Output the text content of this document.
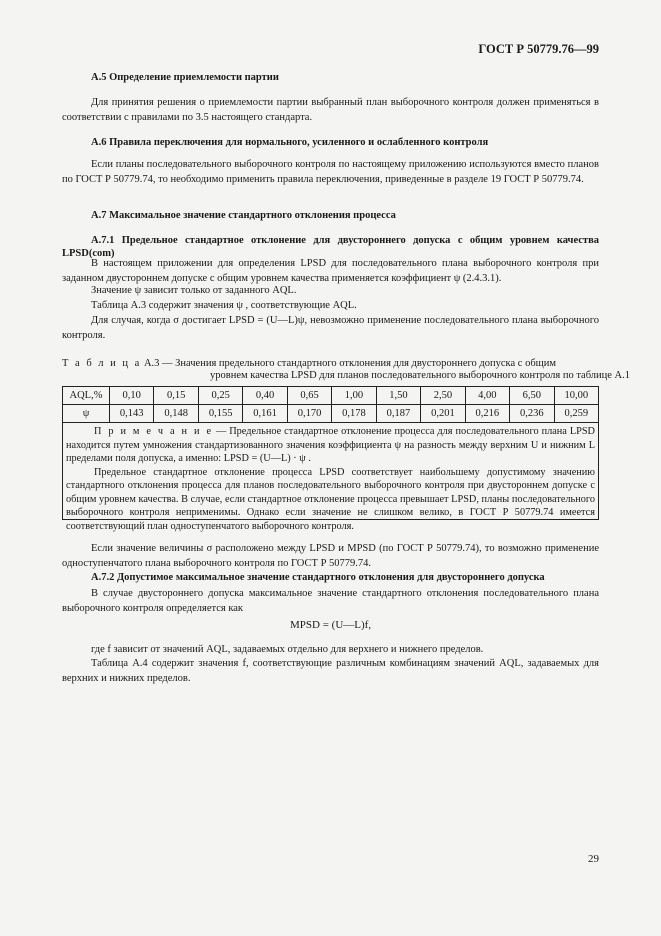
ГОСТ Р 50779.76—99
А.5 Определение приемлемости партии
Для принятия решения о приемлемости партии выбранный план выборочного контроля должен применяться в соответствии с правилами по 3.5 настоящего стандарта.
А.6 Правила переключения для нормального, усиленного и ослабленного контроля
Если планы последовательного выборочного контроля по настоящему приложению используются вместо планов по ГОСТ Р 50779.74, то необходимо применить правила переключения, приведенные в разделе 19 ГОСТ Р 50779.74.
А.7 Максимальное значение стандартного отклонения процесса
А.7.1 Предельное стандартное отклонение для двустороннего допуска с общим уровнем качества LPSD(com)
В настоящем приложении для определения LPSD для последовательного плана выборочного контроля при заданном двустороннем допуске с общим уровнем качества применяется коэффициент ψ (2.4.3.1).
Значение ψ зависит только от заданного AQL.
Таблица А.3 содержит значения ψ , соответствующие AQL.
Для случая, когда σ достигает LPSD = (U—L)ψ, невозможно применение последовательного плана выборочного контроля.
Т а б л и ц а А.3 — Значения предельного стандартного отклонения для двустороннего допуска с общим
уровнем качества LPSD для планов последовательного выборочного контроля по таблице А.1
AQL,%	0,10	0,15	0,25	0,40	0,65	1,00	1,50	2,50	4,00	6,50	10,00
ψ	0,143	0,148	0,155	0,161	0,170	0,178	0,187	0,201	0,216	0,236	0,259

П р и м е ч а н и е — Предельное стандартное отклонение процесса для последовательного плана LPSD находится путем умножения стандартизованного значения коэффициента ψ на разность между верхним U и нижним L пределами поля допуска, а именно: LPSD = (U—L) · ψ .

Предельное стандартное отклонение процесса LPSD соответствует наибольшему допустимому значению стандартного отклонения процесса для планов последовательного выборочного контроля при двустороннем допуске с общим уровнем качества. В случае, если стандартное отклонение процесса превышает LPSD, планы последовательного выборочного контроля неприменимы. Однако если значение не слишком велико, в ГОСТ Р 50779.74 имеется соответствующий план одноступенчатого выборочного контроля.

Если значение величины σ расположено между LPSD и MPSD (по ГОСТ Р 50779.74), то возможно применение одноступенчатого плана выборочного контроля по ГОСТ Р 50779.74.
А.7.2 Допустимое максимальное значение стандартного отклонения для двустороннего допуска
В случае двустороннего допуска максимальное значение стандартного отклонения последовательного плана выборочного контроля определяется как
MPSD = (U—L)f,
где f зависит от значений AQL, задаваемых отдельно для верхнего и нижнего пределов.
Таблица А.4 содержит значения f, соответствующие различным комбинациям значений AQL, задаваемых для верхних и нижних пределов.
29
